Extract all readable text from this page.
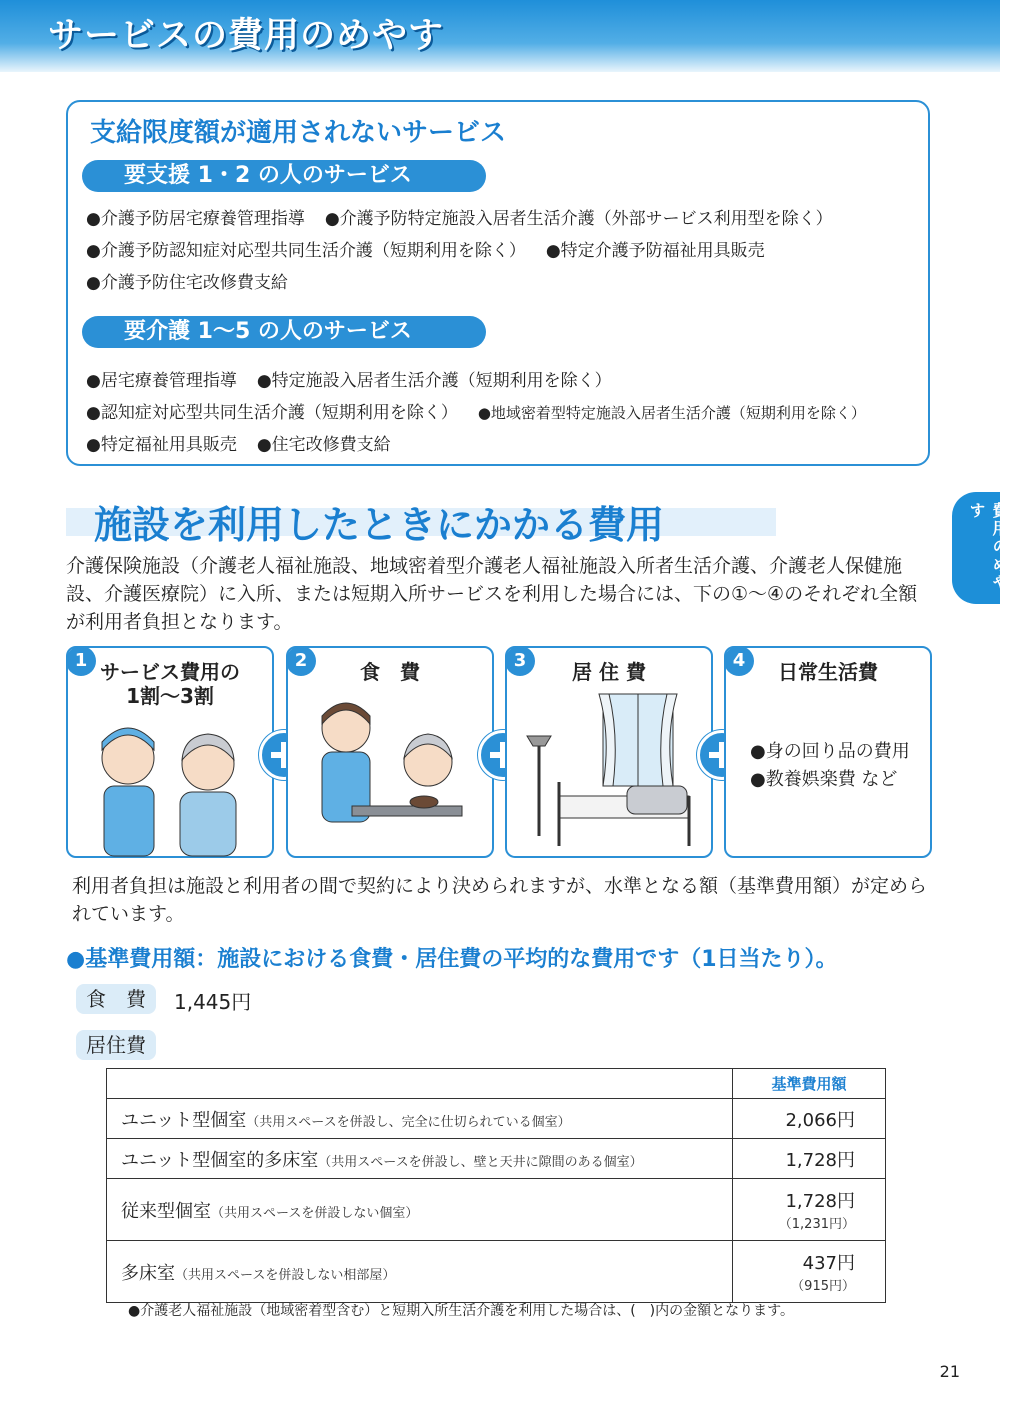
サービスの費用のめやす
費用のめやす
支給限度額が適用されないサービス
要支援 1・2 の人のサービス
●介護予防居宅療養管理指導 ●介護予防特定施設入居者生活介護（外部サービス利用型を除く）
●介護予防認知症対応型共同生活介護（短期利用を除く） ●特定介護予防福祉用具販売
●介護予防住宅改修費支給
要介護 1〜5 の人のサービス
●居宅療養管理指導 ●特定施設入居者生活介護（短期利用を除く）
●認知症対応型共同生活介護（短期利用を除く） ●地域密着型特定施設入居者生活介護（短期利用を除く）
●特定福祉用具販売 ●住宅改修費支給
施設を利用したときにかかる費用
介護保険施設（介護老人福祉施設、地域密着型介護老人福祉施設入所者生活介護、介護老人保健施設、介護医療院）に入所、または短期入所サービスを利用した場合には、下の①〜④のそれぞれ全額が利用者負担となります。
1 サービス費用の
1割〜3割
2	食　費	3	居 住 費	4	日常生活費
●身の回り品の費用
●教養娯楽費 など
利用者負担は施設と利用者の間で契約により決められますが、水準となる額（基準費用額）が定められています。
●基準費用額：施設における食費・居住費の平均的な費用です（1日当たり）。
食　費	1,445円
居住費
	基準費用額
ユニット型個室（共用スペースを併設し、完全に仕切られている個室）	2,066円

ユニット型個室的多床室（共用スペースを併設し、壁と天井に隙間のある個室）	1,728円

従来型個室（共用スペースを併設しない個室）	1,728円
（1,231円）

多床室（共用スペースを併設しない相部屋）	437円
（915円）
●介護老人福祉施設（地域密着型含む）と短期入所生活介護を利用した場合は、(　)内の金額となります。
21
